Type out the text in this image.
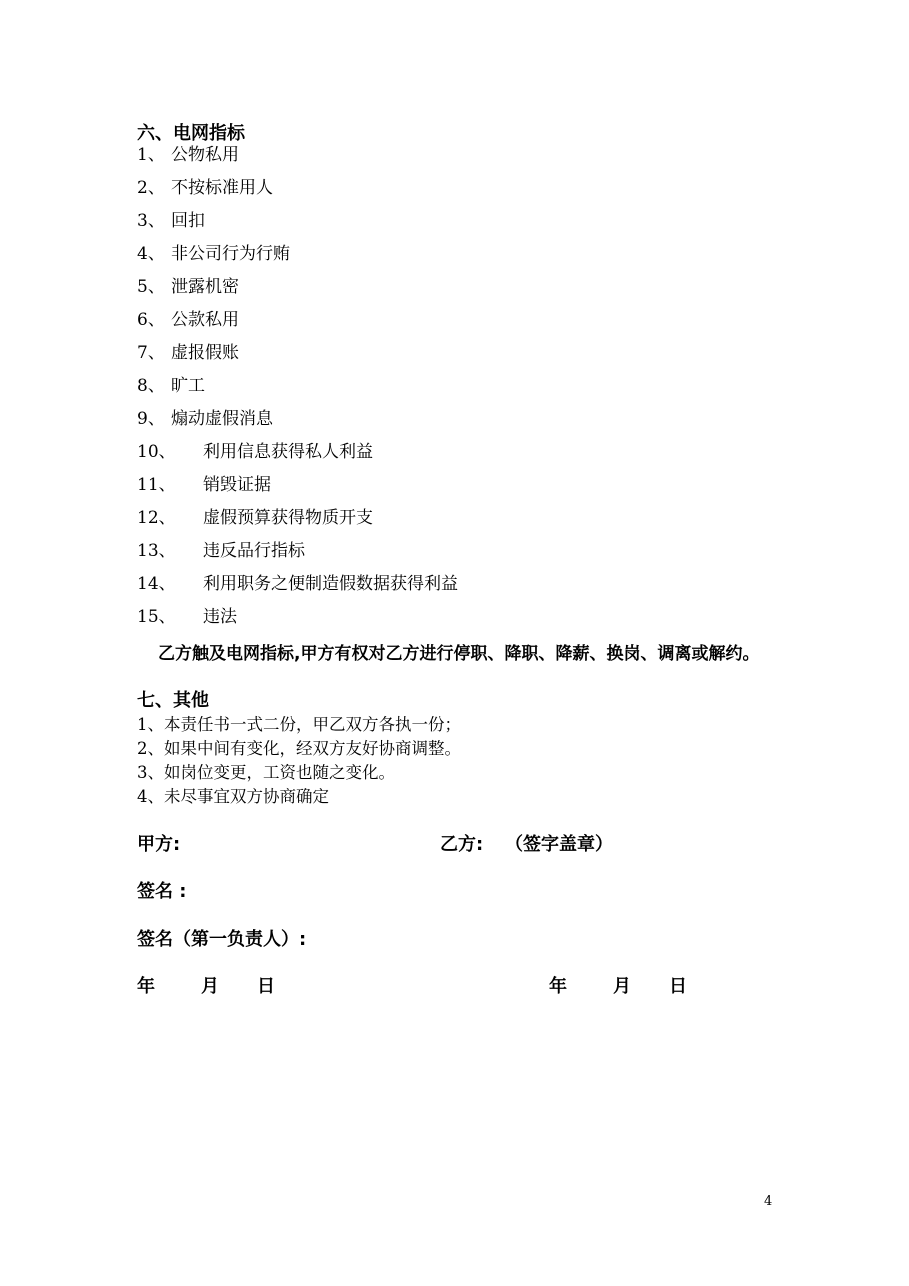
六、电网指标
1、 公物私用
2、 不按标准用人
3、 回扣
4、 非公司行为行贿
5、 泄露机密
6、 公款私用
7、 虚报假账
8、 旷工
9、 煽动虚假消息
10、 利用信息获得私人利益
11、 销毁证据
12、 虚假预算获得物质开支
13、 违反品行指标
14、 利用职务之便制造假数据获得利益
15、 违法
乙方触及电网指标,甲方有权对乙方进行停职、降职、降薪、换岗、调离或解约。
七、其他
1、本责任书一式二份，甲乙双方各执一份；
2、如果中间有变化，经双方友好协商调整。
3、如岗位变更，工资也随之变化。
4、未尽事宜双方协商确定
甲方:	乙方: （签字盖章）
签名 :
签名（第一负责人）:
年	月 日	年	月 日
4
